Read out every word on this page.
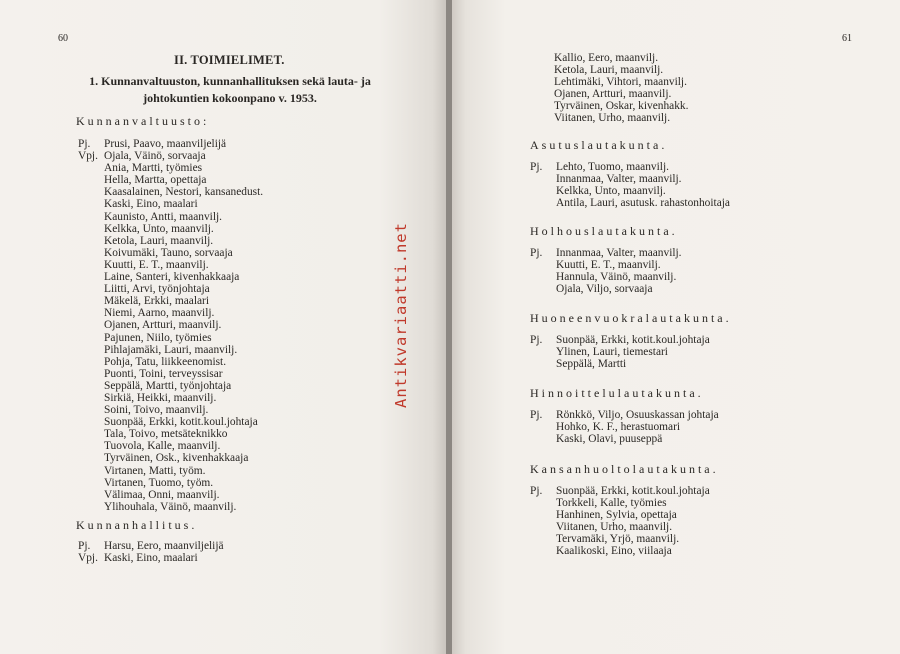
60
II. TOIMIELIMET.
1. Kunnanvaltuuston, kunnanhallituksen sekä lauta- ja
johtokuntien kokoonpano v. 1953.
Kunnanvaltuusto:
Pj. Prusi, Paavo, maanviljelijä
Vpj. Ojala, Väinö, sorvaaja
Ania, Martti, työmies
Hella, Martta, opettaja
Kaasalainen, Nestori, kansanedust.
Kaski, Eino, maalari
Kaunisto, Antti, maanvilj.
Kelkka, Unto, maanvilj.
Ketola, Lauri, maanvilj.
Koivumäki, Tauno, sorvaaja
Kuutti, E. T., maanvilj.
Laine, Santeri, kivenhakkaaja
Liitti, Arvi, työnjohtaja
Mäkelä, Erkki, maalari
Niemi, Aarno, maanvilj.
Ojanen, Artturi, maanvilj.
Pajunen, Niilo, työmies
Pihlajamäki, Lauri, maanvilj.
Pohja, Tatu, liikkeenomist.
Puonti, Toini, terveyssisar
Seppälä, Martti, työnjohtaja
Sirkiä, Heikki, maanvilj.
Soini, Toivo, maanvilj.
Suonpää, Erkki, kotit.koul.johtaja
Tala, Toivo, metsäteknikko
Tuovola, Kalle, maanvilj.
Tyrväinen, Osk., kivenhakkaaja
Virtanen, Matti, työm.
Virtanen, Tuomo, työm.
Välimaa, Onni, maanvilj.
Ylihouhala, Väinö, maanvilj.
Kunnanhallitus.
Pj. Harsu, Eero, maanviljelijä
Vpj. Kaski, Eino, maalari
Antikvariaatti.net
61
Kallio, Eero, maanvilj.
Ketola, Lauri, maanvilj.
Lehtimäki, Vihtori, maanvilj.
Ojanen, Artturi, maanvilj.
Tyrväinen, Oskar, kivenhakk.
Viitanen, Urho, maanvilj.
Asutuslautakunta.
Pj. Lehto, Tuomo, maanvilj.
Innanmaa, Valter, maanvilj.
Kelkka, Unto, maanvilj.
Antila, Lauri, asutusk. rahastonhoitaja
Holhouslautakunta.
Pj. Innanmaa, Valter, maanvilj.
Kuutti, E. T., maanvilj.
Hannula, Väinö, maanvilj.
Ojala, Viljo, sorvaaja
Huoneenvuokralautakunta.
Pj. Suonpää, Erkki, kotit.koul.johtaja
Ylinen, Lauri, tiemestari
Seppälä, Martti
Hinnoittelulautakunta.
Pj. Rönkkö, Viljo, Osuuskassan johtaja
Hohko, K. F., herastuomari
Kaski, Olavi, puuseppä
Kansanhuoltolautakunta.
Pj. Suonpää, Erkki, kotit.koul.johtaja
Torkkeli, Kalle, työmies
Hanhinen, Sylvia, opettaja
Viitanen, Urho, maanvilj.
Tervamäki, Yrjö, maanvilj.
Kaalikoski, Eino, viilaaja
